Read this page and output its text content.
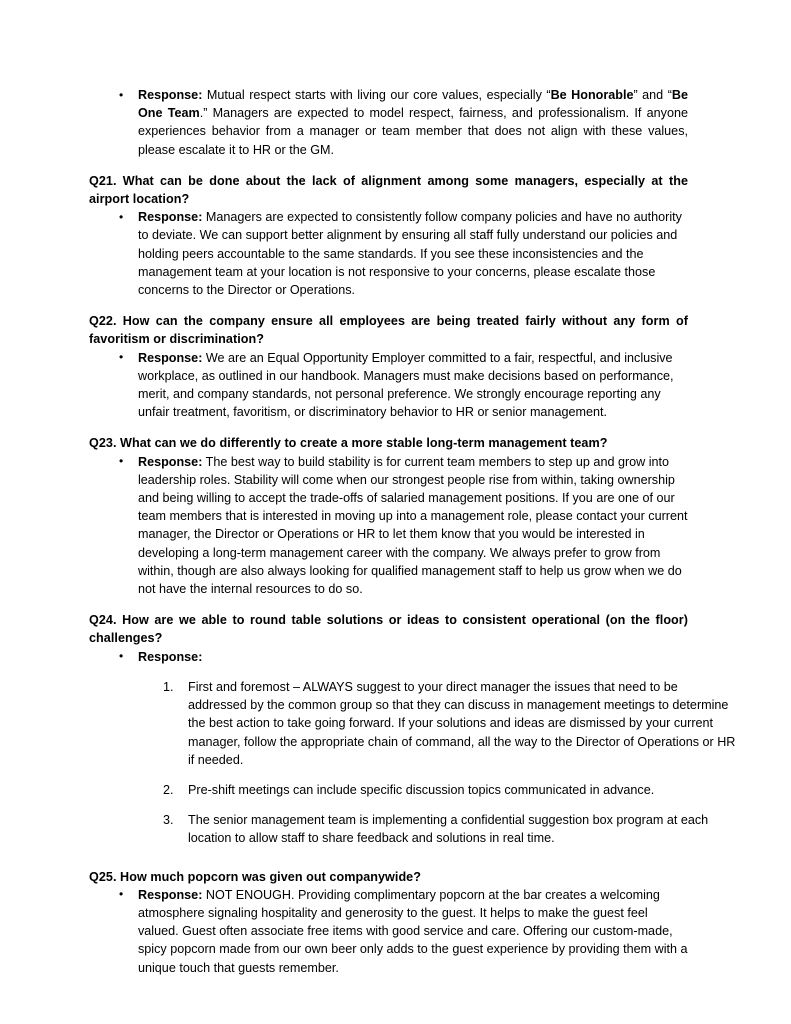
• Response: Mutual respect starts with living our core values, especially “Be Honorable” and “Be One Team.” Managers are expected to model respect, fairness, and professionalism. If anyone experiences behavior from a manager or team member that does not align with these values, please escalate it to HR or the GM.

Q21. What can be done about the lack of alignment among some managers, especially at the airport location?

• Response: Managers are expected to consistently follow company policies and have no authority to deviate. We can support better alignment by ensuring all staff fully understand our policies and holding peers accountable to the same standards. If you see these inconsistencies and the management team at your location is not responsive to your concerns, please escalate those concerns to the Director or Operations.

Q22. How can the company ensure all employees are being treated fairly without any form of favoritism or discrimination?

• Response: We are an Equal Opportunity Employer committed to a fair, respectful, and inclusive workplace, as outlined in our handbook. Managers must make decisions based on performance, merit, and company standards, not personal preference. We strongly encourage reporting any unfair treatment, favoritism, or discriminatory behavior to HR or senior management.

Q23. What can we do differently to create a more stable long-term management team?

• Response: The best way to build stability is for current team members to step up and grow into leadership roles. Stability will come when our strongest people rise from within, taking ownership and being willing to accept the trade-offs of salaried management positions. If you are one of our team members that is interested in moving up into a management role, please contact your current manager, the Director or Operations or HR to let them know that you would be interested in developing a long-term management career with the company. We always prefer to grow from within, though are also always looking for qualified management staff to help us grow when we do not have the internal resources to do so.

Q24. How are we able to round table solutions or ideas to consistent operational (on the floor) challenges?

• Response:

First and foremost – ALWAYS suggest to your direct manager the issues that need to be addressed by the common group so that they can discuss in management meetings to determine the best action to take going forward. If your solutions and ideas are dismissed by your current manager, follow the appropriate chain of command, all the way to the Director of Operations or HR if needed.
Pre-shift meetings can include specific discussion topics communicated in advance.
The senior management team is implementing a confidential suggestion box program at each location to allow staff to share feedback and solutions in real time.

Q25. How much popcorn was given out companywide?

• Response: NOT ENOUGH. Providing complimentary popcorn at the bar creates a welcoming atmosphere signaling hospitality and generosity to the guest. It helps to make the guest feel valued. Guest often associate free items with good service and care. Offering our custom-made, spicy popcorn made from our own beer only adds to the guest experience by providing them with a unique touch that guests remember.
